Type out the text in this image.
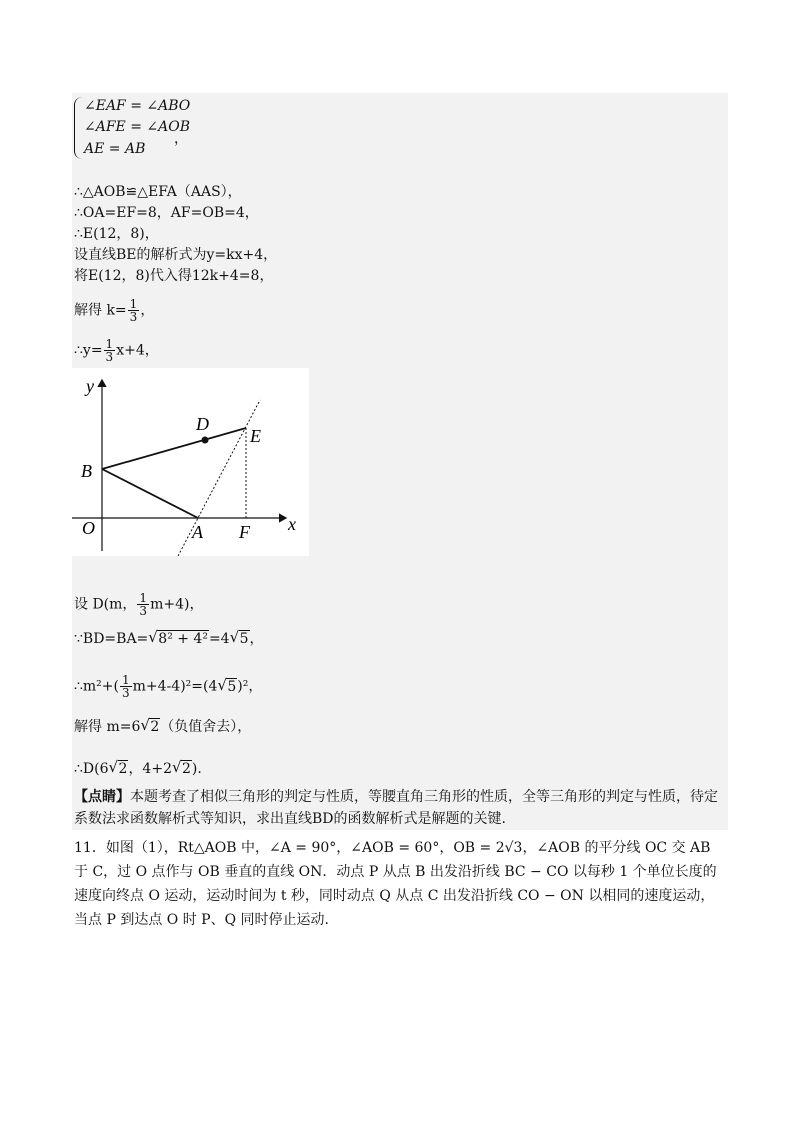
∠EAF = ∠ABO
∠AFE = ∠AOB
AE = AB
，
∴△AOB≌△EFA（AAS），
∴OA=EF=8，AF=OB=4，
∴E(12，8)，
设直线BE的解析式为y=kx+4，
将E(12，8)代入得12k+4=8，
解得 $k= \frac{1}{3}$ ，
∴y= $\frac{1}{3} x+4$，
y
x
D
E
B
O	A F
设 D(m， $\frac{1}{3} m+4$)，
∵BD=BA=√ 8² + 4²=4√ 5，
∴m²+( $\frac{1}{3} m+4-4)^2=(4√$ 5)²，
解得 m=6√ 2（负值舍去），
∴D(6√ 2，4+2√ 2).
【点睛】本题考查了相似三角形的判定与性质，等腰直角三角形的性质，全等三角形的判定与性质，待定系数法求函数解析式等知识，求出直线BD的函数解析式是解题的关键.
11．如图（1），Rt△AOB 中，∠A = 90°，∠AOB = 60°，OB = 2√3，∠AOB 的平分线 OC 交 AB 于 C，过 O 点作与 OB 垂直的直线 ON．动点 P 从点 B 出发沿折线 BC − CO 以每秒 1 个单位长度的速度向终点 O 运动，运动时间为 t 秒，同时动点 Q 从点 C 出发沿折线 CO − ON 以相同的速度运动，当点 P 到达点 O 时 P、Q 同时停止运动.
